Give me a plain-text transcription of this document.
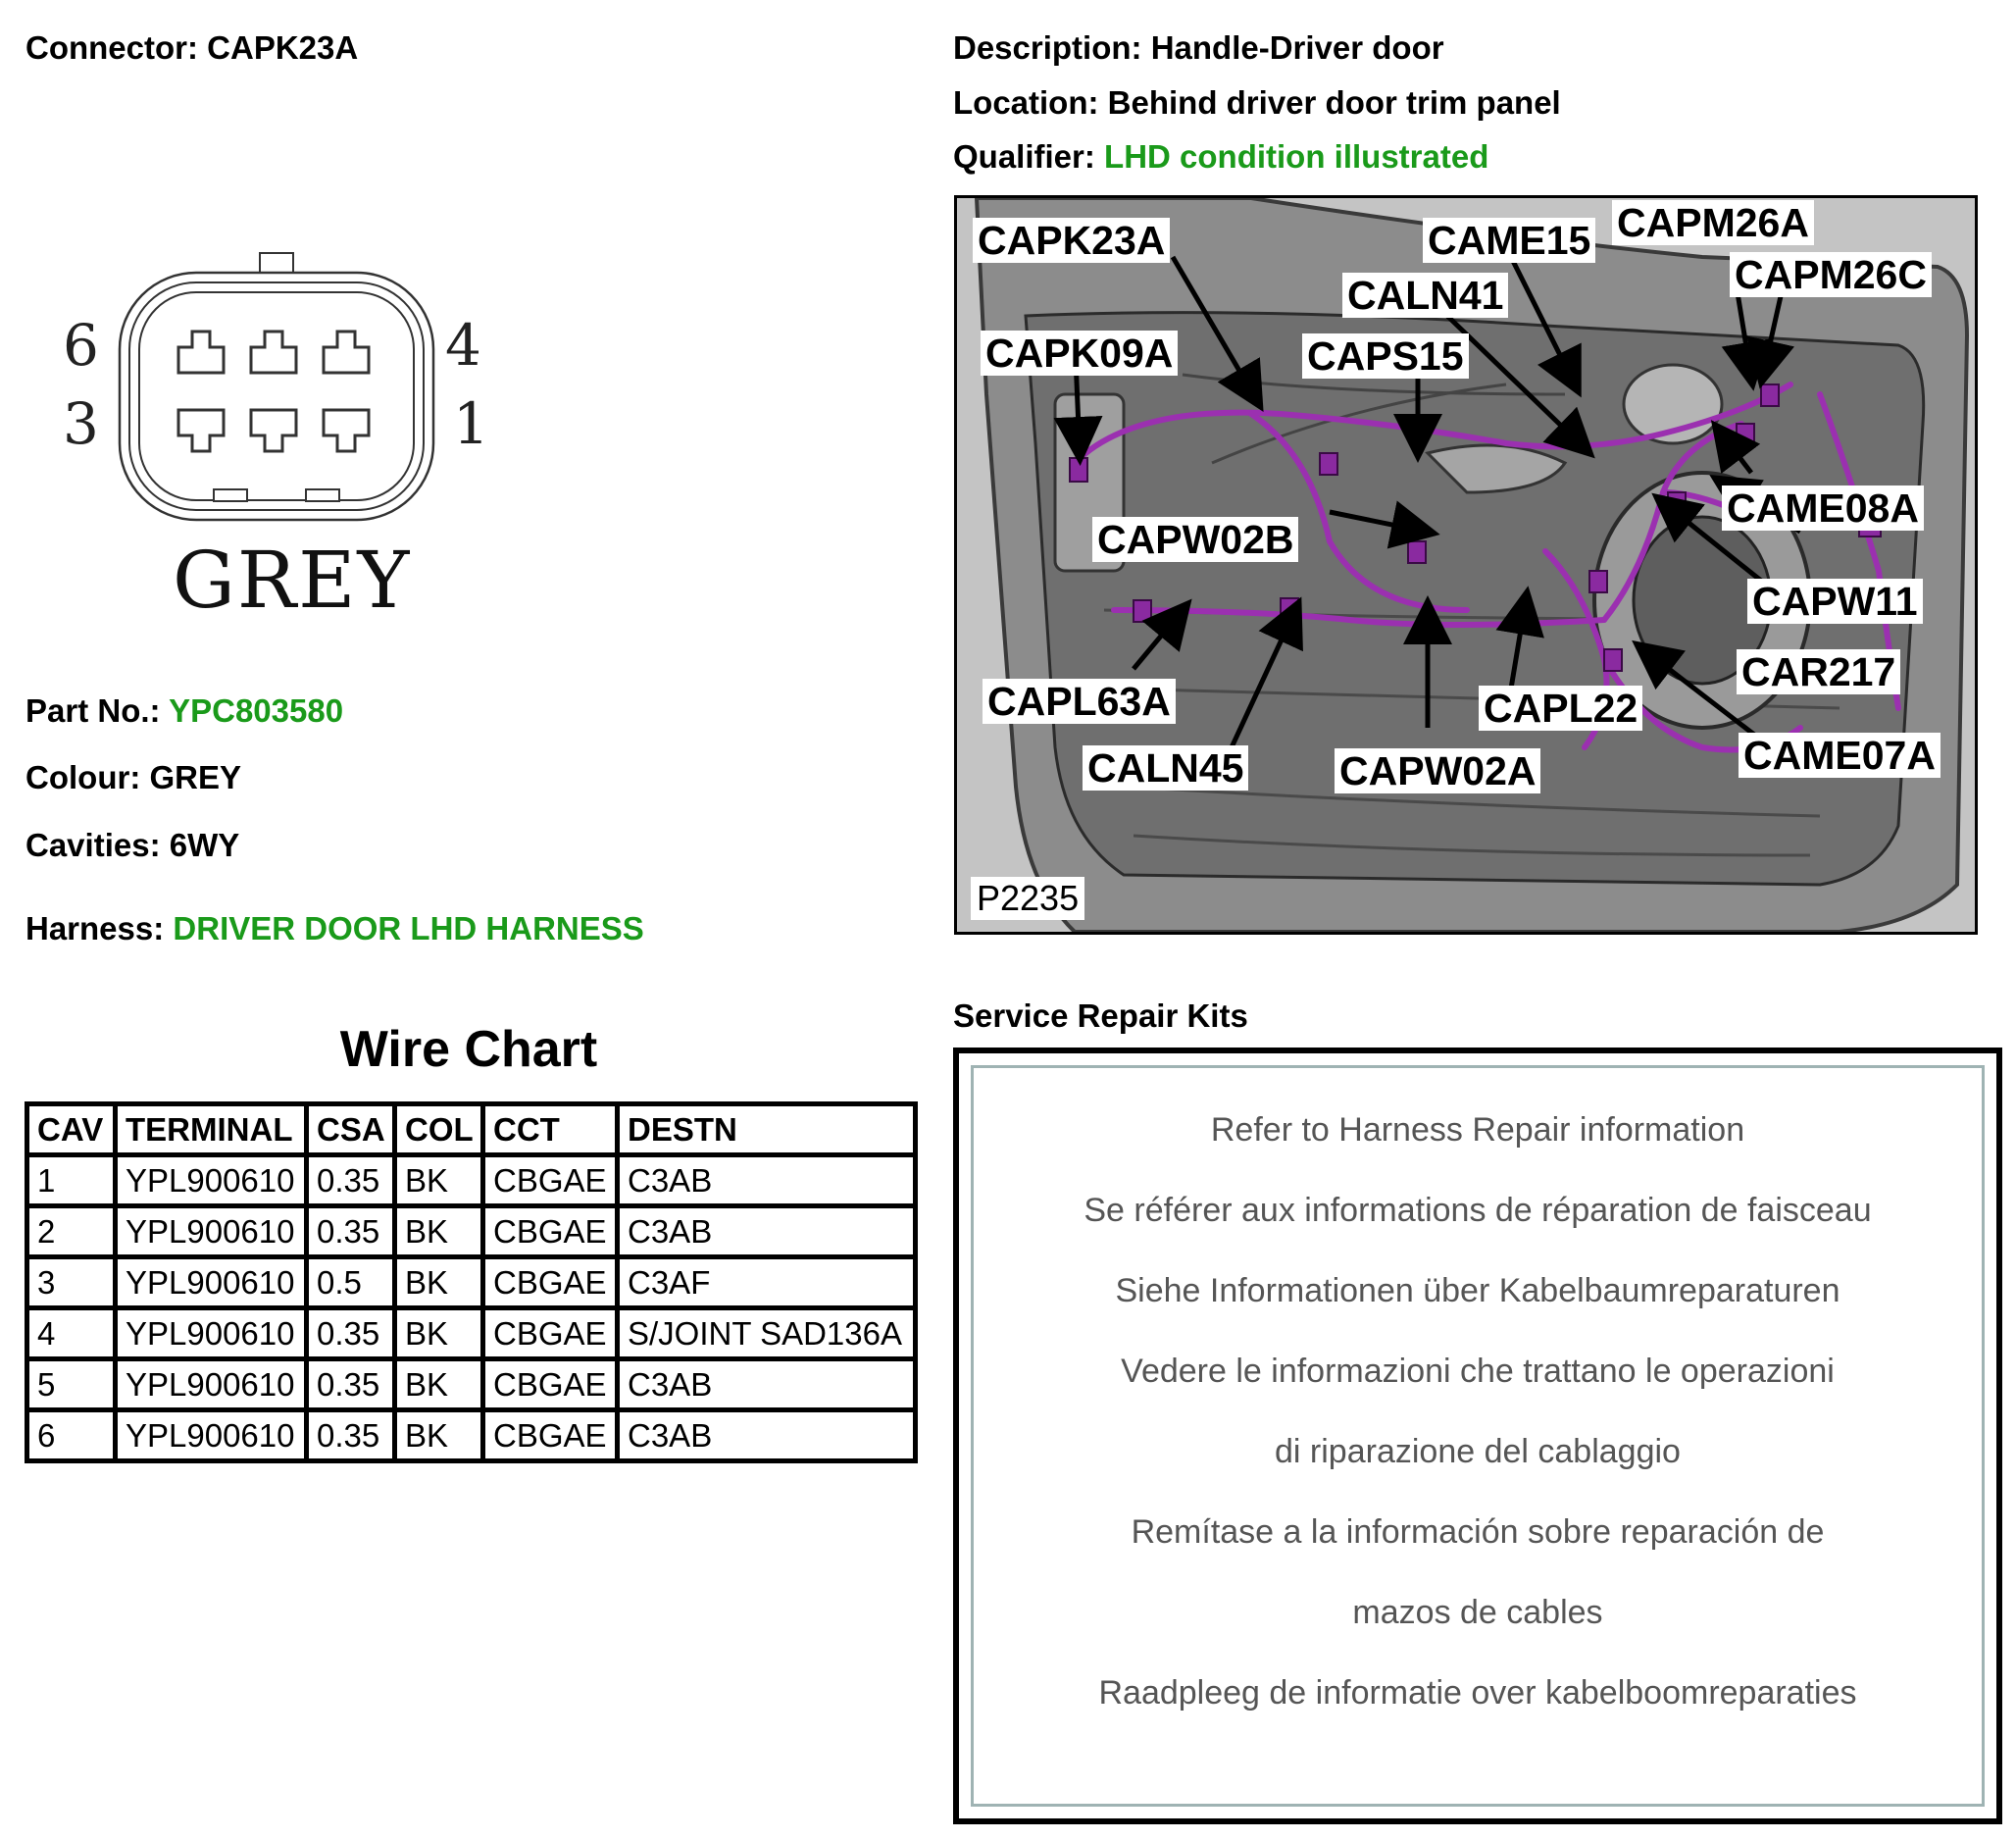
Connector: CAPK23A	Description: Handle-Driver door
Location: Behind driver door trim panel
Qualifier: LHD condition illustrated
6
3
4
1
GREY
Part No.: YPC803580
Colour: GREY
Cavities: 6WY
Harness: DRIVER DOOR LHD HARNESS
Wire Chart
CAV	TERMINAL	CSA	COL	CCT	DESTN
1	YPL900610	0.35	BK	CBGAE	C3AB
2	YPL900610	0.35	BK	CBGAE	C3AB
3	YPL900610	0.5	BK	CBGAE	C3AF
4	YPL900610	0.35	BK	CBGAE	S/JOINT SAD136A
5	YPL900610	0.35	BK	CBGAE	C3AB
6	YPL900610	0.35	BK	CBGAE	C3AB
CAPK23A	CAME15 CAPM26A
CAPM26C
CALN41
CAPK09A	CAPS15
CAME08A
CAPW02B
CAPW11
CAR217
CAPL63A	CAPL22
CAME07A
CALN45 CAPW02A
P2235
Service Repair Kits
Refer to Harness Repair information
Se référer aux informations de réparation de faisceau
Siehe Informationen über Kabelbaumreparaturen
Vedere le informazioni che trattano le operazioni
di riparazione del cablaggio
Remítase a la información sobre reparación de
mazos de cables
Raadpleeg de informatie over kabelboomreparaties
